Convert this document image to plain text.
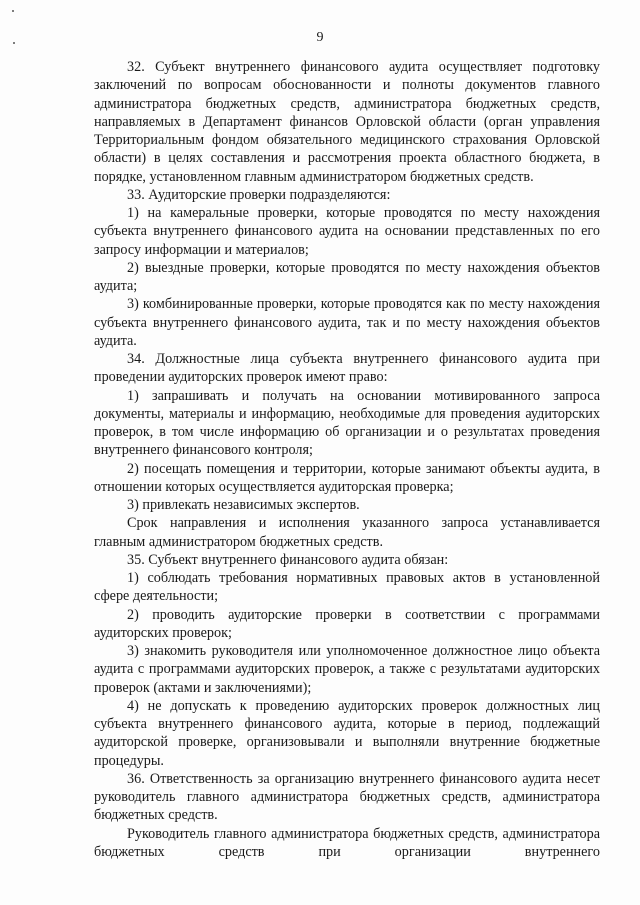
9

32. Субъект внутреннего финансового аудита осуществляет подготовку заключений по вопросам обоснованности и полноты документов главного администратора бюджетных средств, администратора бюджетных средств, направляемых в Департамент финансов Орловской области (орган управления Территориальным фондом обязательного медицинского страхования Орловской области) в целях составления и рассмотрения проекта областного бюджета, в порядке, установленном главным администратором бюджетных средств.

33. Аудиторские проверки подразделяются:

1) на камеральные проверки, которые проводятся по месту нахождения субъекта внутреннего финансового аудита на основании представленных по его запросу информации и материалов;

2) выездные проверки, которые проводятся по месту нахождения объектов аудита;

3) комбинированные проверки, которые проводятся как по месту нахождения субъекта внутреннего финансового аудита, так и по месту нахождения объектов аудита.

34. Должностные лица субъекта внутреннего финансового аудита при проведении аудиторских проверок имеют право:

1) запрашивать и получать на основании мотивированного запроса документы, материалы и информацию, необходимые для проведения аудиторских проверок, в том числе информацию об организации и о результатах проведения внутреннего финансового контроля;

2) посещать помещения и территории, которые занимают объекты аудита, в отношении которых осуществляется аудиторская проверка;

3) привлекать независимых экспертов.

Срок направления и исполнения указанного запроса устанавливается главным администратором бюджетных средств.

35. Субъект внутреннего финансового аудита обязан:

1) соблюдать требования нормативных правовых актов в установленной сфере деятельности;

2) проводить аудиторские проверки в соответствии с программами аудиторских проверок;

3) знакомить руководителя или уполномоченное должностное лицо объекта аудита с программами аудиторских проверок, а также с результатами аудиторских проверок (актами и заключениями);

4) не допускать к проведению аудиторских проверок должностных лиц субъекта внутреннего финансового аудита, которые в период, подлежащий аудиторской проверке, организовывали и выполняли внутренние бюджетные процедуры.

36. Ответственность за организацию внутреннего финансового аудита несет руководитель главного администратора бюджетных средств, администратора бюджетных средств.

Руководитель главного администратора бюджетных средств, администратора бюджетных средств при организации внутреннего
